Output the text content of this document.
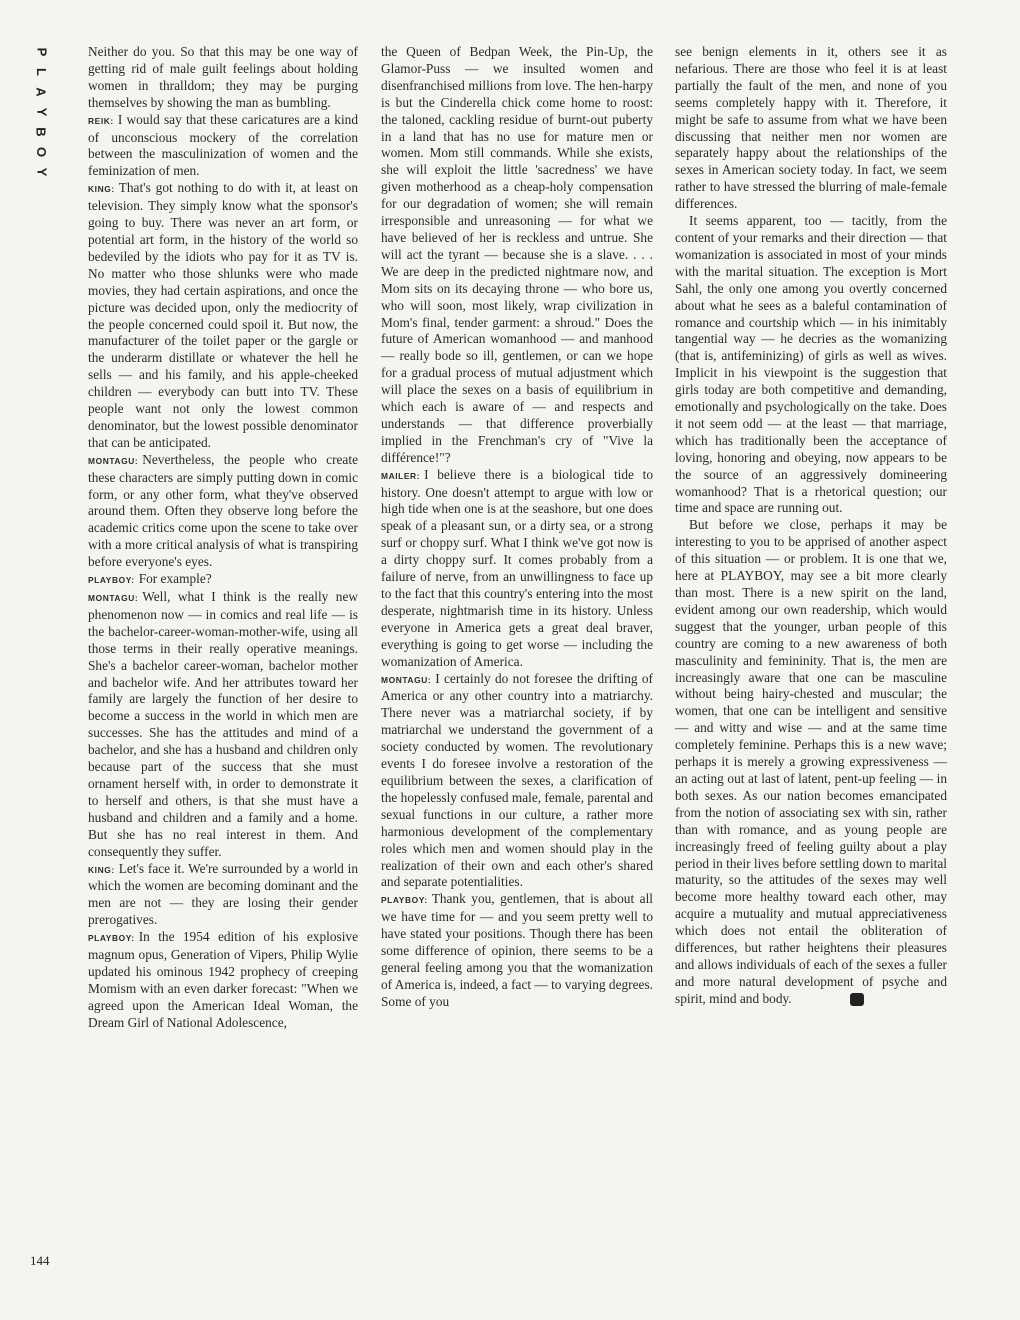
P
L
A
Y
B
O
Y
144

Neither do you. So that this may be one way of getting rid of male guilt feelings about holding women in thralldom; they may be purging themselves by showing the man as bumbling.

REIK: I would say that these caricatures are a kind of unconscious mockery of the correlation between the masculinization of women and the feminization of men.

KING: That's got nothing to do with it, at least on television. They simply know what the sponsor's going to buy. There was never an art form, or potential art form, in the history of the world so bedeviled by the idiots who pay for it as TV is. No matter who those shlunks were who made movies, they had certain aspirations, and once the picture was decided upon, only the mediocrity of the people concerned could spoil it. But now, the manufacturer of the toilet paper or the gargle or the underarm distillate or whatever the hell he sells — and his family, and his apple-cheeked children — everybody can butt into TV. These people want not only the lowest common denominator, but the lowest possible denominator that can be anticipated.

MONTAGU: Nevertheless, the people who create these characters are simply putting down in comic form, or any other form, what they've observed around them. Often they observe long before the academic critics come upon the scene to take over with a more critical analysis of what is transpiring before everyone's eyes.

PLAYBOY: For example?

MONTAGU: Well, what I think is the really new phenomenon now — in comics and real life — is the bachelor-career-woman-mother-wife, using all those terms in their really operative meanings. She's a bachelor career-woman, bachelor mother and bachelor wife. And her attributes toward her family are largely the function of her desire to become a success in the world in which men are successes. She has the attitudes and mind of a bachelor, and she has a husband and children only because part of the success that she must ornament herself with, in order to demonstrate it to herself and others, is that she must have a husband and children and a family and a home. But she has no real interest in them. And consequently they suffer.

KING: Let's face it. We're surrounded by a world in which the women are becoming dominant and the men are not — they are losing their gender prerogatives.

PLAYBOY: In the 1954 edition of his explosive magnum opus, Generation of Vipers, Philip Wylie updated his ominous 1942 prophecy of creeping Momism with an even darker forecast: "When we agreed upon the American Ideal Woman, the Dream Girl of National Adolescence,

the Queen of Bedpan Week, the Pin-Up, the Glamor-Puss — we insulted women and disenfranchised millions from love. The hen-harpy is but the Cinderella chick come home to roost: the taloned, cackling residue of burnt-out puberty in a land that has no use for mature men or women. Mom still commands. While she exists, she will exploit the little 'sacredness' we have given motherhood as a cheap-holy compensation for our degradation of women; she will remain irresponsible and unreasoning — for what we have believed of her is reckless and untrue. She will act the tyrant — because she is a slave. . . . We are deep in the predicted nightmare now, and Mom sits on its decaying throne — who bore us, who will soon, most likely, wrap civilization in Mom's final, tender garment: a shroud." Does the future of American womanhood — and manhood — really bode so ill, gentlemen, or can we hope for a gradual process of mutual adjustment which will place the sexes on a basis of equilibrium in which each is aware of — and respects and understands — that difference proverbially implied in the Frenchman's cry of "Vive la différence!"?

MAILER: I believe there is a biological tide to history. One doesn't attempt to argue with low or high tide when one is at the seashore, but one does speak of a pleasant sun, or a dirty sea, or a strong surf or choppy surf. What I think we've got now is a dirty choppy surf. It comes probably from a failure of nerve, from an unwillingness to face up to the fact that this country's entering into the most desperate, nightmarish time in its history. Unless everyone in America gets a great deal braver, everything is going to get worse — including the womanization of America.

MONTAGU: I certainly do not foresee the drifting of America or any other country into a matriarchy. There never was a matriarchal society, if by matriarchal we understand the government of a society conducted by women. The revolutionary events I do foresee involve a restoration of the equilibrium between the sexes, a clarification of the hopelessly confused male, female, parental and sexual functions in our culture, a rather more harmonious development of the complementary roles which men and women should play in the realization of their own and each other's shared and separate potentialities.

PLAYBOY: Thank you, gentlemen, that is about all we have time for — and you seem pretty well to have stated your positions. Though there has been some difference of opinion, there seems to be a general feeling among you that the womanization of America is, indeed, a fact — to varying degrees. Some of you

see benign elements in it, others see it as nefarious. There are those who feel it is at least partially the fault of the men, and none of you seems completely happy with it. Therefore, it might be safe to assume from what we have been discussing that neither men nor women are separately happy about the relationships of the sexes in American society today. In fact, we seem rather to have stressed the blurring of male-female differences.

It seems apparent, too — tacitly, from the content of your remarks and their direction — that womanization is associated in most of your minds with the marital situation. The exception is Mort Sahl, the only one among you overtly concerned about what he sees as a baleful contamination of romance and courtship which — in his inimitably tangential way — he decries as the womanizing (that is, antifeminizing) of girls as well as wives. Implicit in his viewpoint is the suggestion that girls today are both competitive and demanding, emotionally and psychologically on the take. Does it not seem odd — at the least — that marriage, which has traditionally been the acceptance of loving, honoring and obeying, now appears to be the source of an aggressively domineering womanhood? That is a rhetorical question; our time and space are running out.

But before we close, perhaps it may be interesting to you to be apprised of another aspect of this situation — or problem. It is one that we, here at PLAYBOY, may see a bit more clearly than most. There is a new spirit on the land, evident among our own readership, which would suggest that the younger, urban people of this country are coming to a new awareness of both masculinity and femininity. That is, the men are increasingly aware that one can be masculine without being hairy-chested and muscular; the women, that one can be intelligent and sensitive — and witty and wise — and at the same time completely feminine. Perhaps this is a new wave; perhaps it is merely a growing expressiveness — an acting out at last of latent, pent-up feeling — in both sexes. As our nation becomes emancipated from the notion of associating sex with sin, rather than with romance, and as young people are increasingly freed of feeling guilty about a play period in their lives before settling down to marital maturity, so the attitudes of the sexes may well become more healthy toward each other, may acquire a mutuality and mutual appreciativeness which does not entail the obliteration of differences, but rather heightens their pleasures and allows individuals of each of the sexes a fuller and more natural development of psyche and spirit, mind and body.	Y
